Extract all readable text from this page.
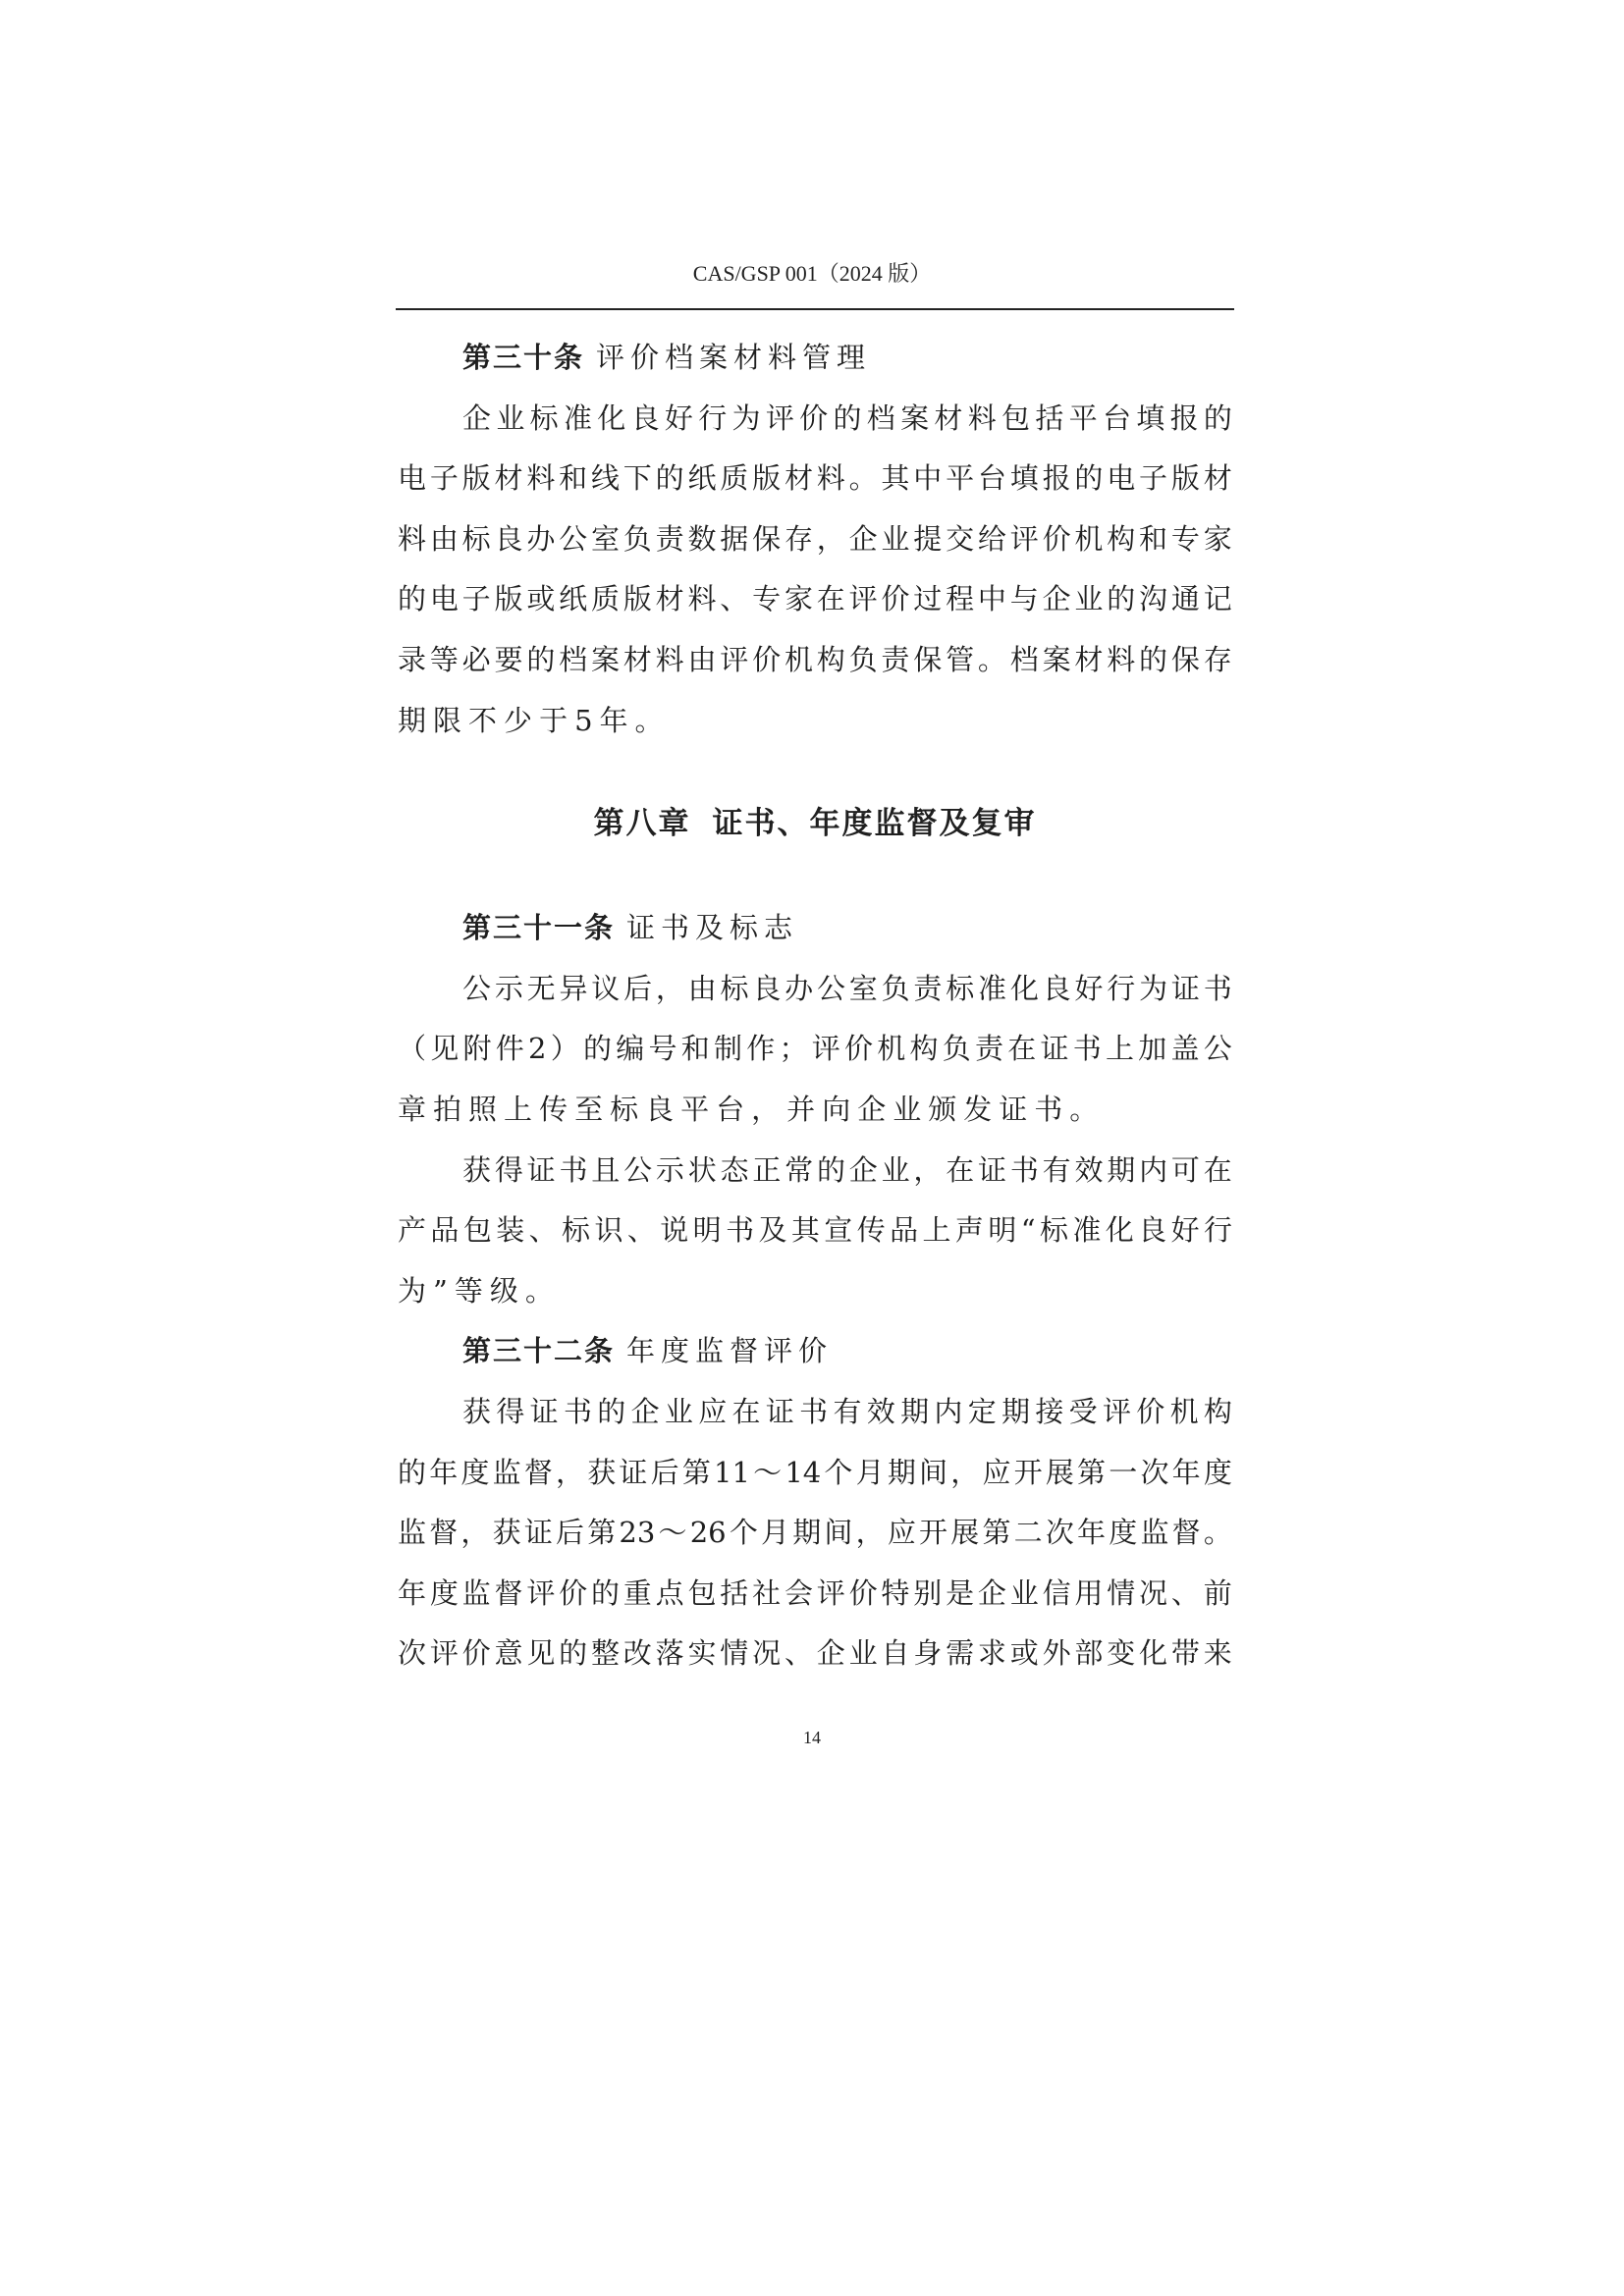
CAS/GSP 001（2024 版）
第三十条 评价档案材料管理
企 业 标 准 化 良 好 行 为 评 价 的 档 案 材 料 包 括 平 台 填 报 的
电 子 版 材 料 和 线 下 的 纸 质 版 材 料 。 其 中 平 台 填 报 的 电 子 版 材
料 由 标 良 办 公 室 负 责 数 据 保 存 ， 企 业 提 交 给 评 价 机 构 和 专 家
的 电 子 版 或 纸 质 版 材 料 、 专 家 在 评 价 过 程 中 与 企 业 的 沟 通 记
录 等 必 要 的 档 案 材 料 由 评 价 机 构 负 责 保 管 。 档 案 材 料 的 保 存
期 限 不 少 于 5 年 。
第八章 证书、年度监督及复审
第三十一条 证书及标志
公 示 无 异 议 后 ， 由 标 良 办 公 室 负 责 标 准 化 良 好 行 为 证 书
（ 见 附 件 2 ） 的 编 号 和 制 作 ； 评 价 机 构 负 责 在 证 书 上 加 盖 公
章 拍 照 上 传 至 标 良 平 台 ， 并 向 企 业 颁 发 证 书 。
获 得 证 书 且 公 示 状 态 正 常 的 企 业 ， 在 证 书 有 效 期 内 可 在
产 品 包 装 、 标 识 、 说 明 书 及 其 宣 传 品 上 声 明 “ 标 准 化 良 好 行
为 ” 等 级 。
第三十二条 年度监督评价
获 得 证 书 的 企 业 应 在 证 书 有 效 期 内 定 期 接 受 评 价 机 构
的 年 度 监 督 ， 获 证 后 第 11 ～ 14 个 月 期 间 ， 应 开 展 第 一 次 年 度
监 督 ， 获 证 后 第 23 ～ 26 个 月 期 间 ， 应 开 展 第 二 次 年 度 监 督 。
年 度 监 督 评 价 的 重 点 包 括 社 会 评 价 特 别 是 企 业 信 用 情 况 、 前
次 评 价 意 见 的 整 改 落 实 情 况 、 企 业 自 身 需 求 或 外 部 变 化 带 来
14
